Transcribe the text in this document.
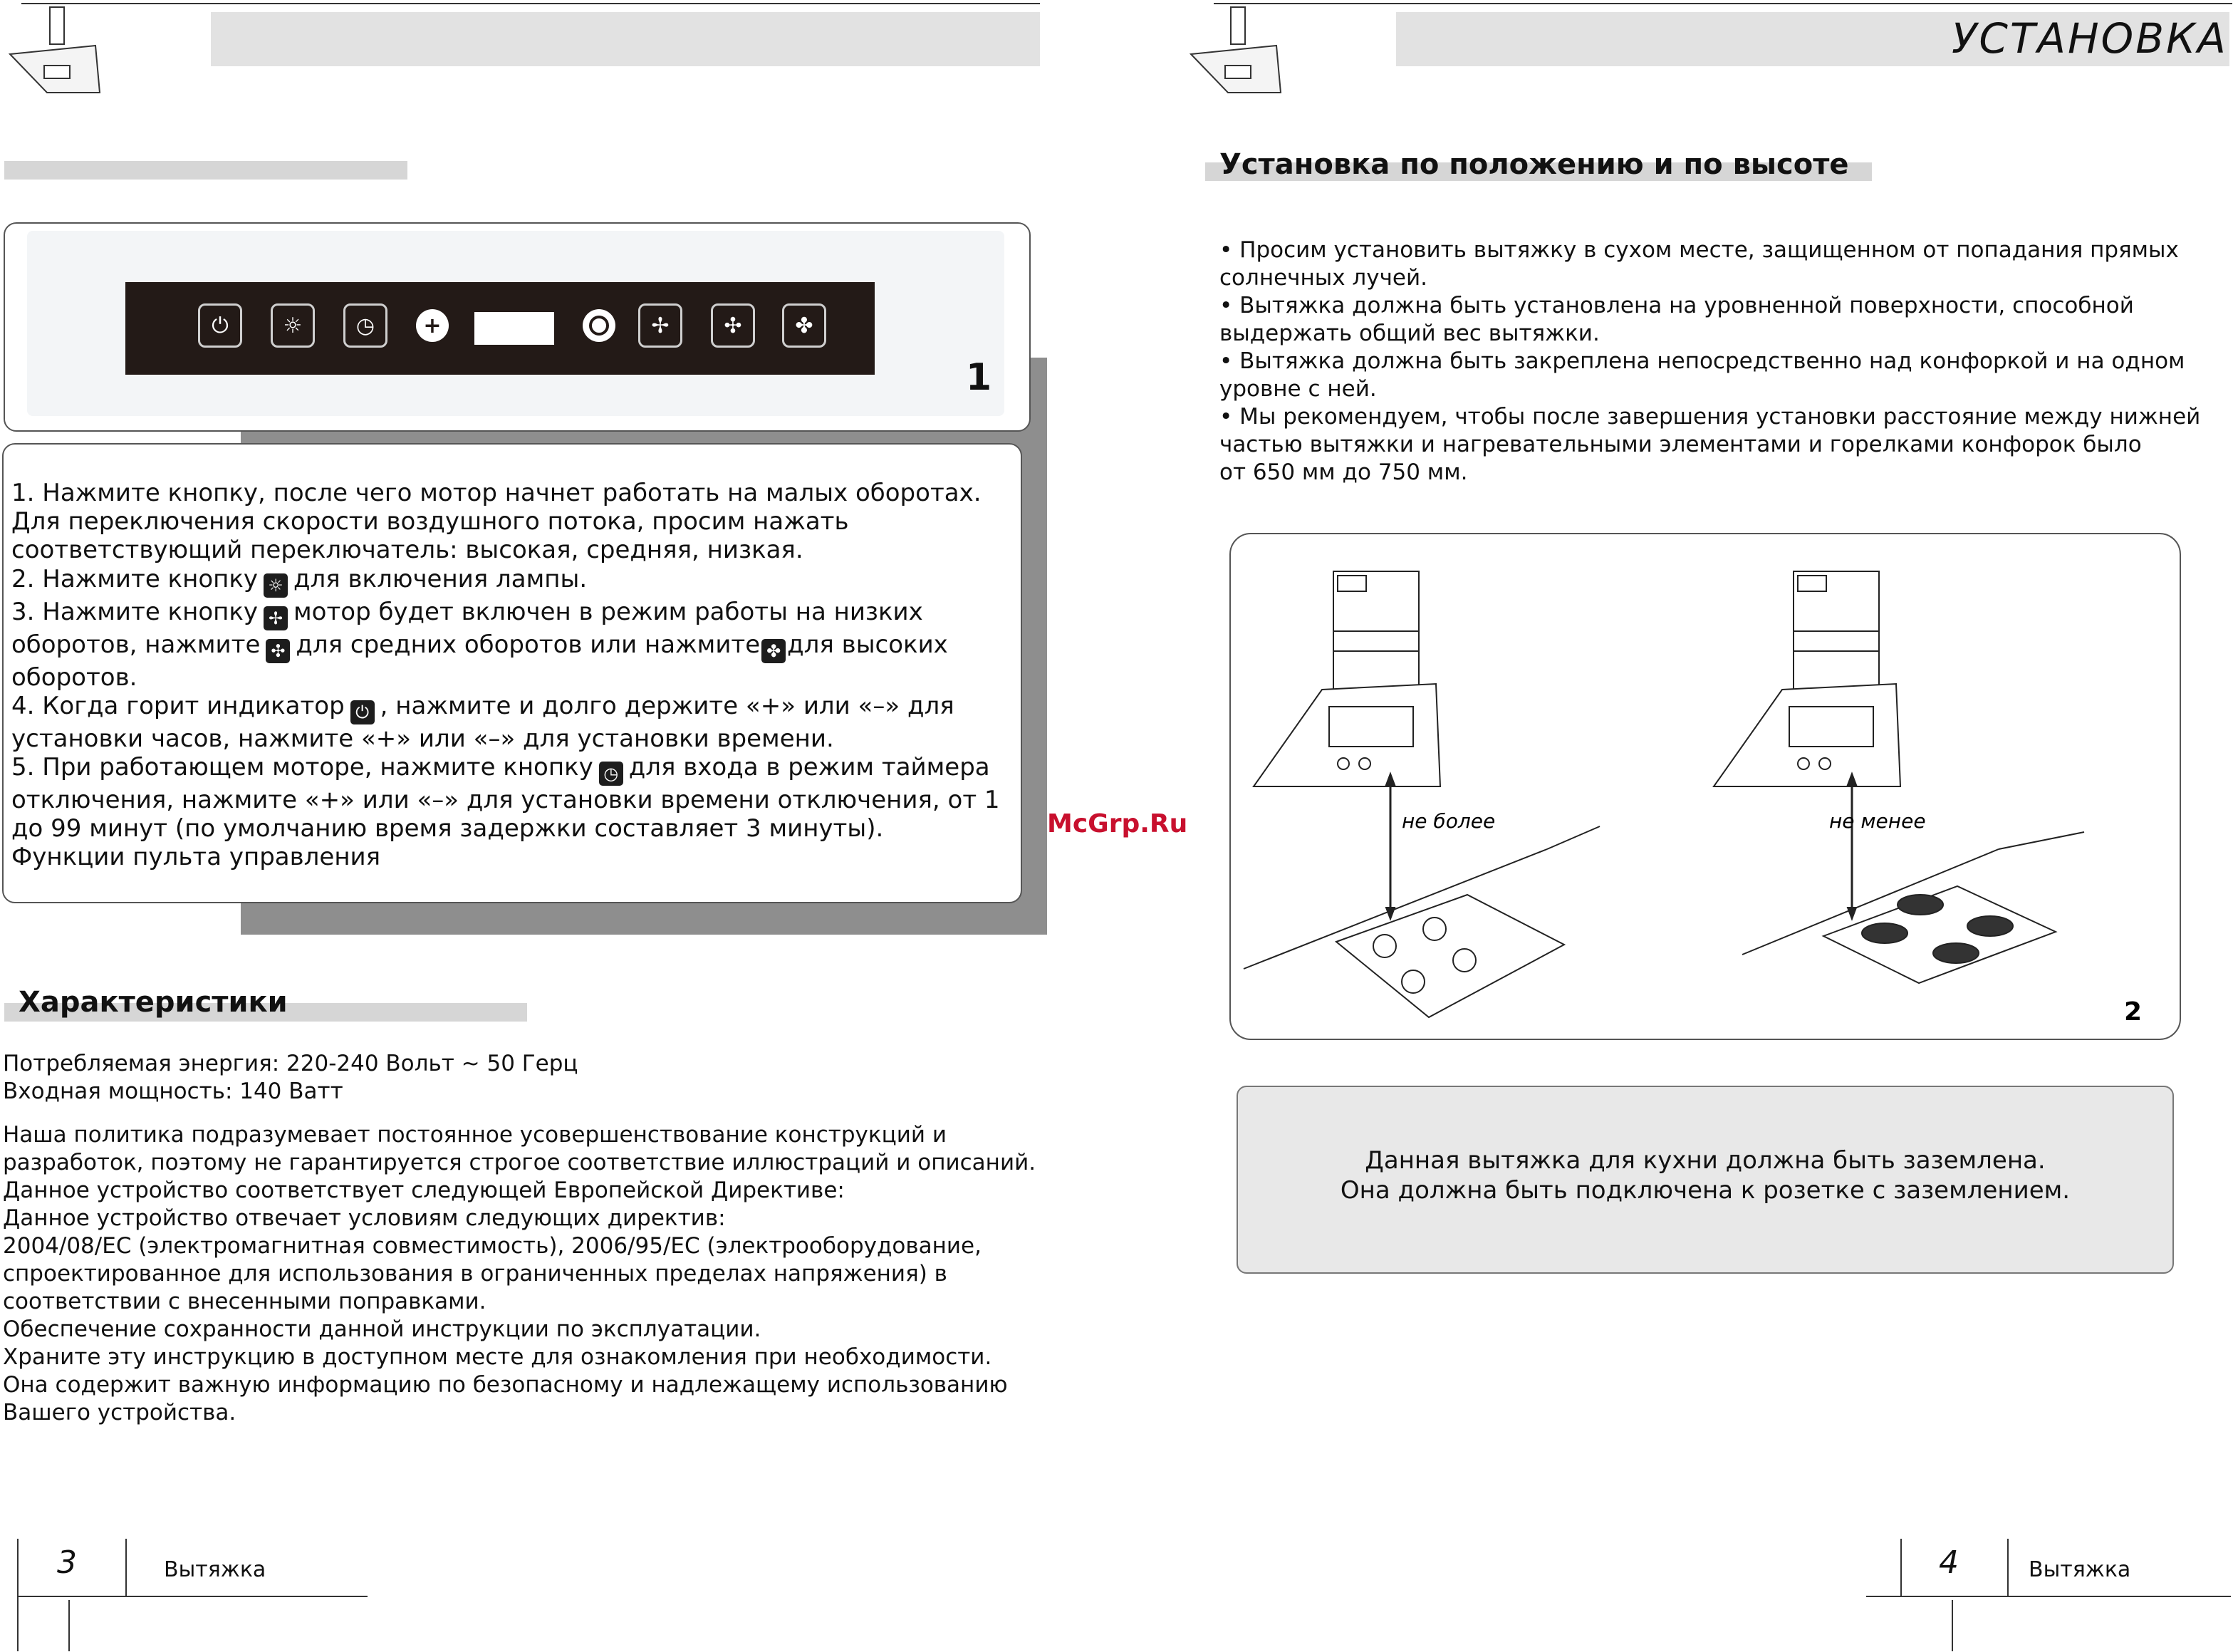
УСТАНОВКА
⏻	☼	◷ +	✢	✣ ✤
1
1. Нажмите кнопку, после чего мотор начнет работать на малых оборотах.
Для переключения скорости воздушного потока, просим нажать
соответствующий переключатель: высокая, средняя, низкая.
2. Нажмите кнопку ☼ для включения лампы.
3. Нажмите кнопку ✢ мотор будет включен в режим работы на низких
оборотов, нажмите ✣ для средних оборотов или нажмите ✤ для высоких
оборотов.
4. Когда горит индикатор ⏻ , нажмите и долго держите «+» или «–» для
установки часов, нажмите «+» или «–» для установки времени.
5. При работающем моторе, нажмите кнопку ◷ для входа в режим таймера
отключения, нажмите «+» или «–» для установки времени отключения, от 1
до 99 минут (по умолчанию время задержки составляет 3 минуты).
Функции пульта управления
Характеристики
Потребляемая энергия: 220-240 Вольт ~ 50 Герц
Входная мощность: 140 Ватт
Наша политика подразумевает постоянное усовершенствование конструкций и
разработок, поэтому не гарантируется строгое соответствие иллюстраций и описаний.
Данное устройство соответствует следующей Европейской Директиве:
Данное устройство отвечает условиям следующих директив:
2004/08/EC (электромагнитная совместимость), 2006/95/EC (электрооборудование,
спроектированное для использования в ограниченных пределах напряжения) в
соответствии с внесенными поправками.
Обеспечение сохранности данной инструкции по эксплуатации.
Храните эту инструкцию в доступном месте для ознакомления при необходимости.
Она содержит важную информацию по безопасному и надлежащему использованию
Вашего устройства.
3	Вытяжка
McGrp.Ru
Установка по положению и по высоте
• Просим установить вытяжку в сухом месте, защищенном от попадания прямых
солнечных лучей.
• Вытяжка должна быть установлена на уровненной поверхности, способной
выдержать общий вес вытяжки.
• Вытяжка должна быть закреплена непосредственно над конфоркой и на одном
уровне с ней.
• Мы рекомендуем, чтобы после завершения установки расстояние между нижней
частью вытяжки и нагревательными элементами и горелками конфорок было
от 650 мм до 750 мм.
не более	не менее
2
Данная вытяжка для кухни должна быть заземлена.
Она должна быть подключена к розетке с заземлением.
4	Вытяжка
